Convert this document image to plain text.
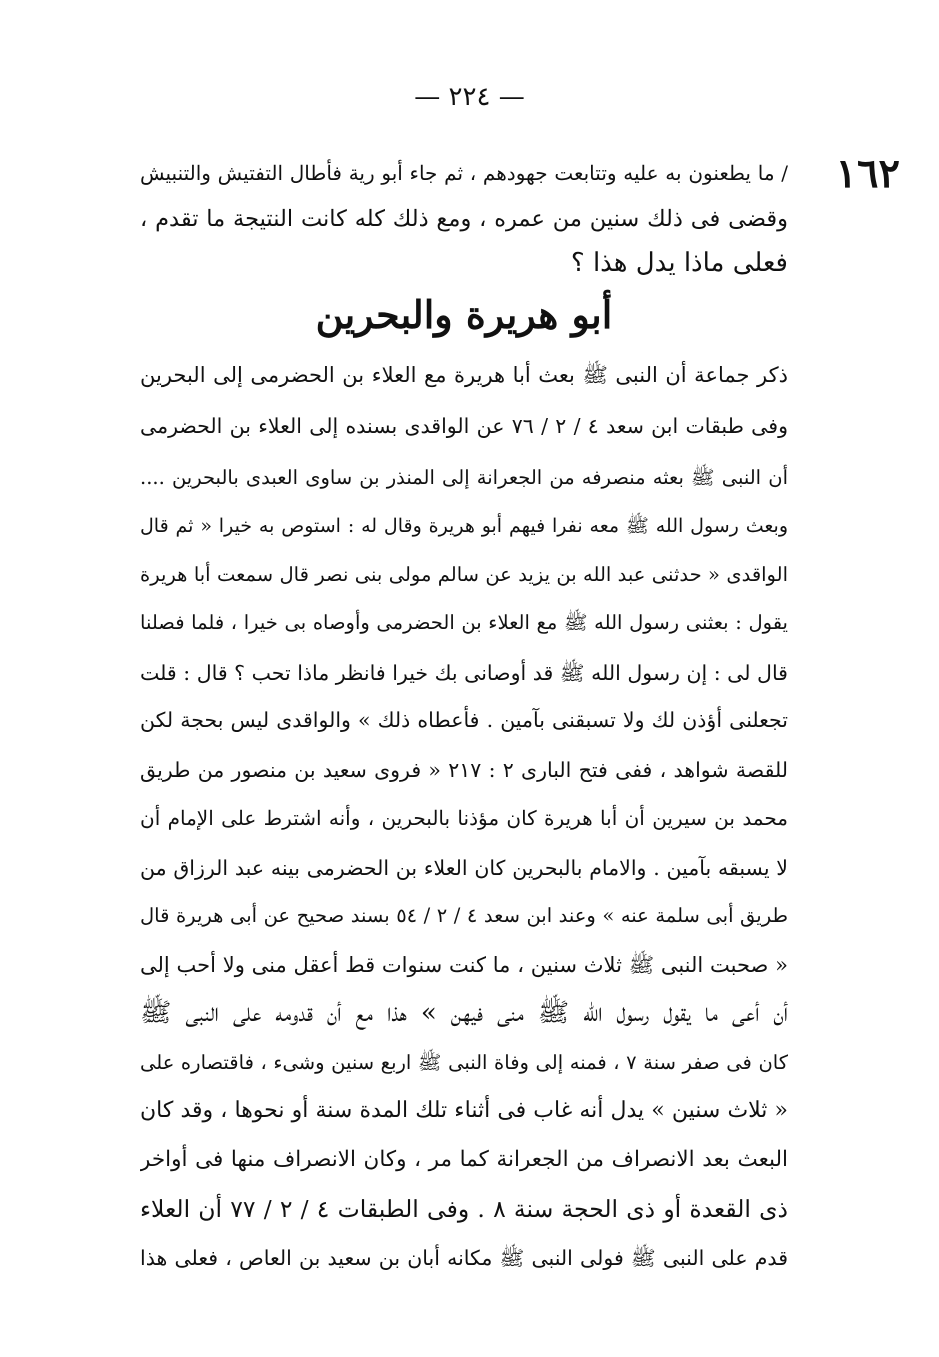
— ٢٢٤ —
١٦٢
/ ما يطعنون به عليه وتتابعت جهودهم ، ثم جاء أبو رية فأطال التفتيش والتنبيش
وقضى فى ذلك سنين من عمره ، ومع ذلك كله كانت النتيجة ما تقدم ،
فعلى ماذا يدل هذا ؟
أبو هريرة والبحرين
ذكر جماعة أن النبى ﷺ بعث أبا هريرة مع العلاء بن الحضرمى إلى البحرين
وفى طبقات ابن سعد ٤ / ٢ / ٧٦ عن الواقدى بسنده إلى العلاء بن الحضرمى
أن النبى ﷺ بعثه منصرفه من الجعرانة إلى المنذر بن ساوى العبدى بالبحرين ....
وبعث رسول الله ﷺ معه نفرا فيهم أبو هريرة وقال له : استوص به خيرا « ثم قال
الواقدى « حدثنى عبد الله بن يزيد عن سالم مولى بنى نصر قال سمعت أبا هريرة
يقول : بعثنى رسول الله ﷺ مع العلاء بن الحضرمى وأوصاه بى خيرا ، فلما فصلنا
قال لى : إن رسول الله ﷺ قد أوصانى بك خيرا فانظر ماذا تحب ؟ قال : قلت
تجعلنى أؤذن لك ولا تسبقنى بآمين . فأعطاه ذلك » والواقدى ليس بحجة لكن
للقصة شواهد ، ففى فتح البارى ٢ : ٢١٧ « فروى سعيد بن منصور من طريق
محمد بن سيرين أن أبا هريرة كان مؤذنا بالبحرين ، وأنه اشترط على الإمام أن
لا يسبقه بآمين . والامام بالبحرين كان العلاء بن الحضرمى بينه عبد الرزاق من
طريق أبى سلمة عنه » وعند ابن سعد ٤ / ٢ / ٥٤ بسند صحيح عن أبى هريرة قال
« صحبت النبى ﷺ ثلاث سنين ، ما كنت سنوات قط أعقل منى ولا أحب إلى
أن أعى ما يقول رسول الله ﷺ منى فيهن » هذا مع أن قدومه على النبى ﷺ
كان فى صفر سنة ٧ ، فمنه إلى وفاة النبى ﷺ اربع سنين وشىء ، فاقتصاره على
« ثلاث سنين » يدل أنه غاب فى أثناء تلك المدة سنة أو نحوها ، وقد كان
البعث بعد الانصراف من الجعرانة كما مر ، وكان الانصراف منها فى أواخر
ذى القعدة أو ذى الحجة سنة ٨ . وفى الطبقات ٤ / ٢ / ٧٧ أن العلاء
قدم على النبى ﷺ فولى النبى ﷺ مكانه أبان بن سعيد بن العاص ، فعلى هذا
